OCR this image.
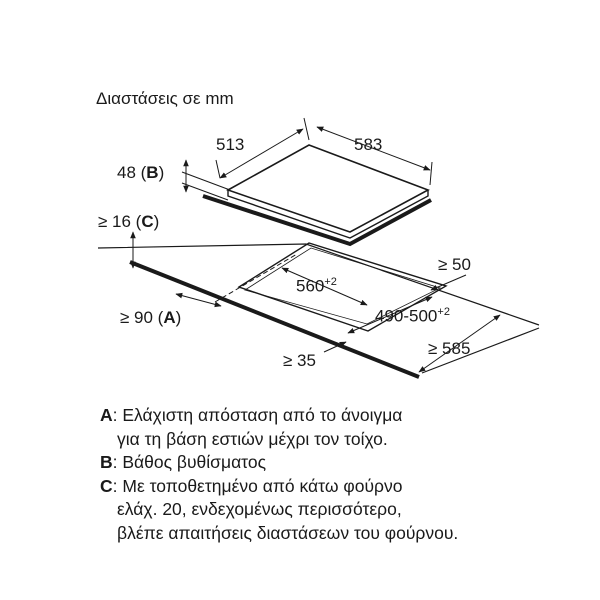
Διαστάσεις σε mm
513	583
48 (B)
≥ 16 (C)
≥ 50
$560^{+2}$
$490-500^{+2}$
≥ 90 (A)
≥ 585
≥ 35
A: Ελάχιστη απόσταση από το άνοιγμα
για τη βάση εστιών μέχρι τον τοίχο.
B: Βάθος βυθίσματος
C: Με τοποθετημένο από κάτω φούρνο
ελάχ. 20, ενδεχομένως περισσότερο,
βλέπε απαιτήσεις διαστάσεων του φούρνου.
